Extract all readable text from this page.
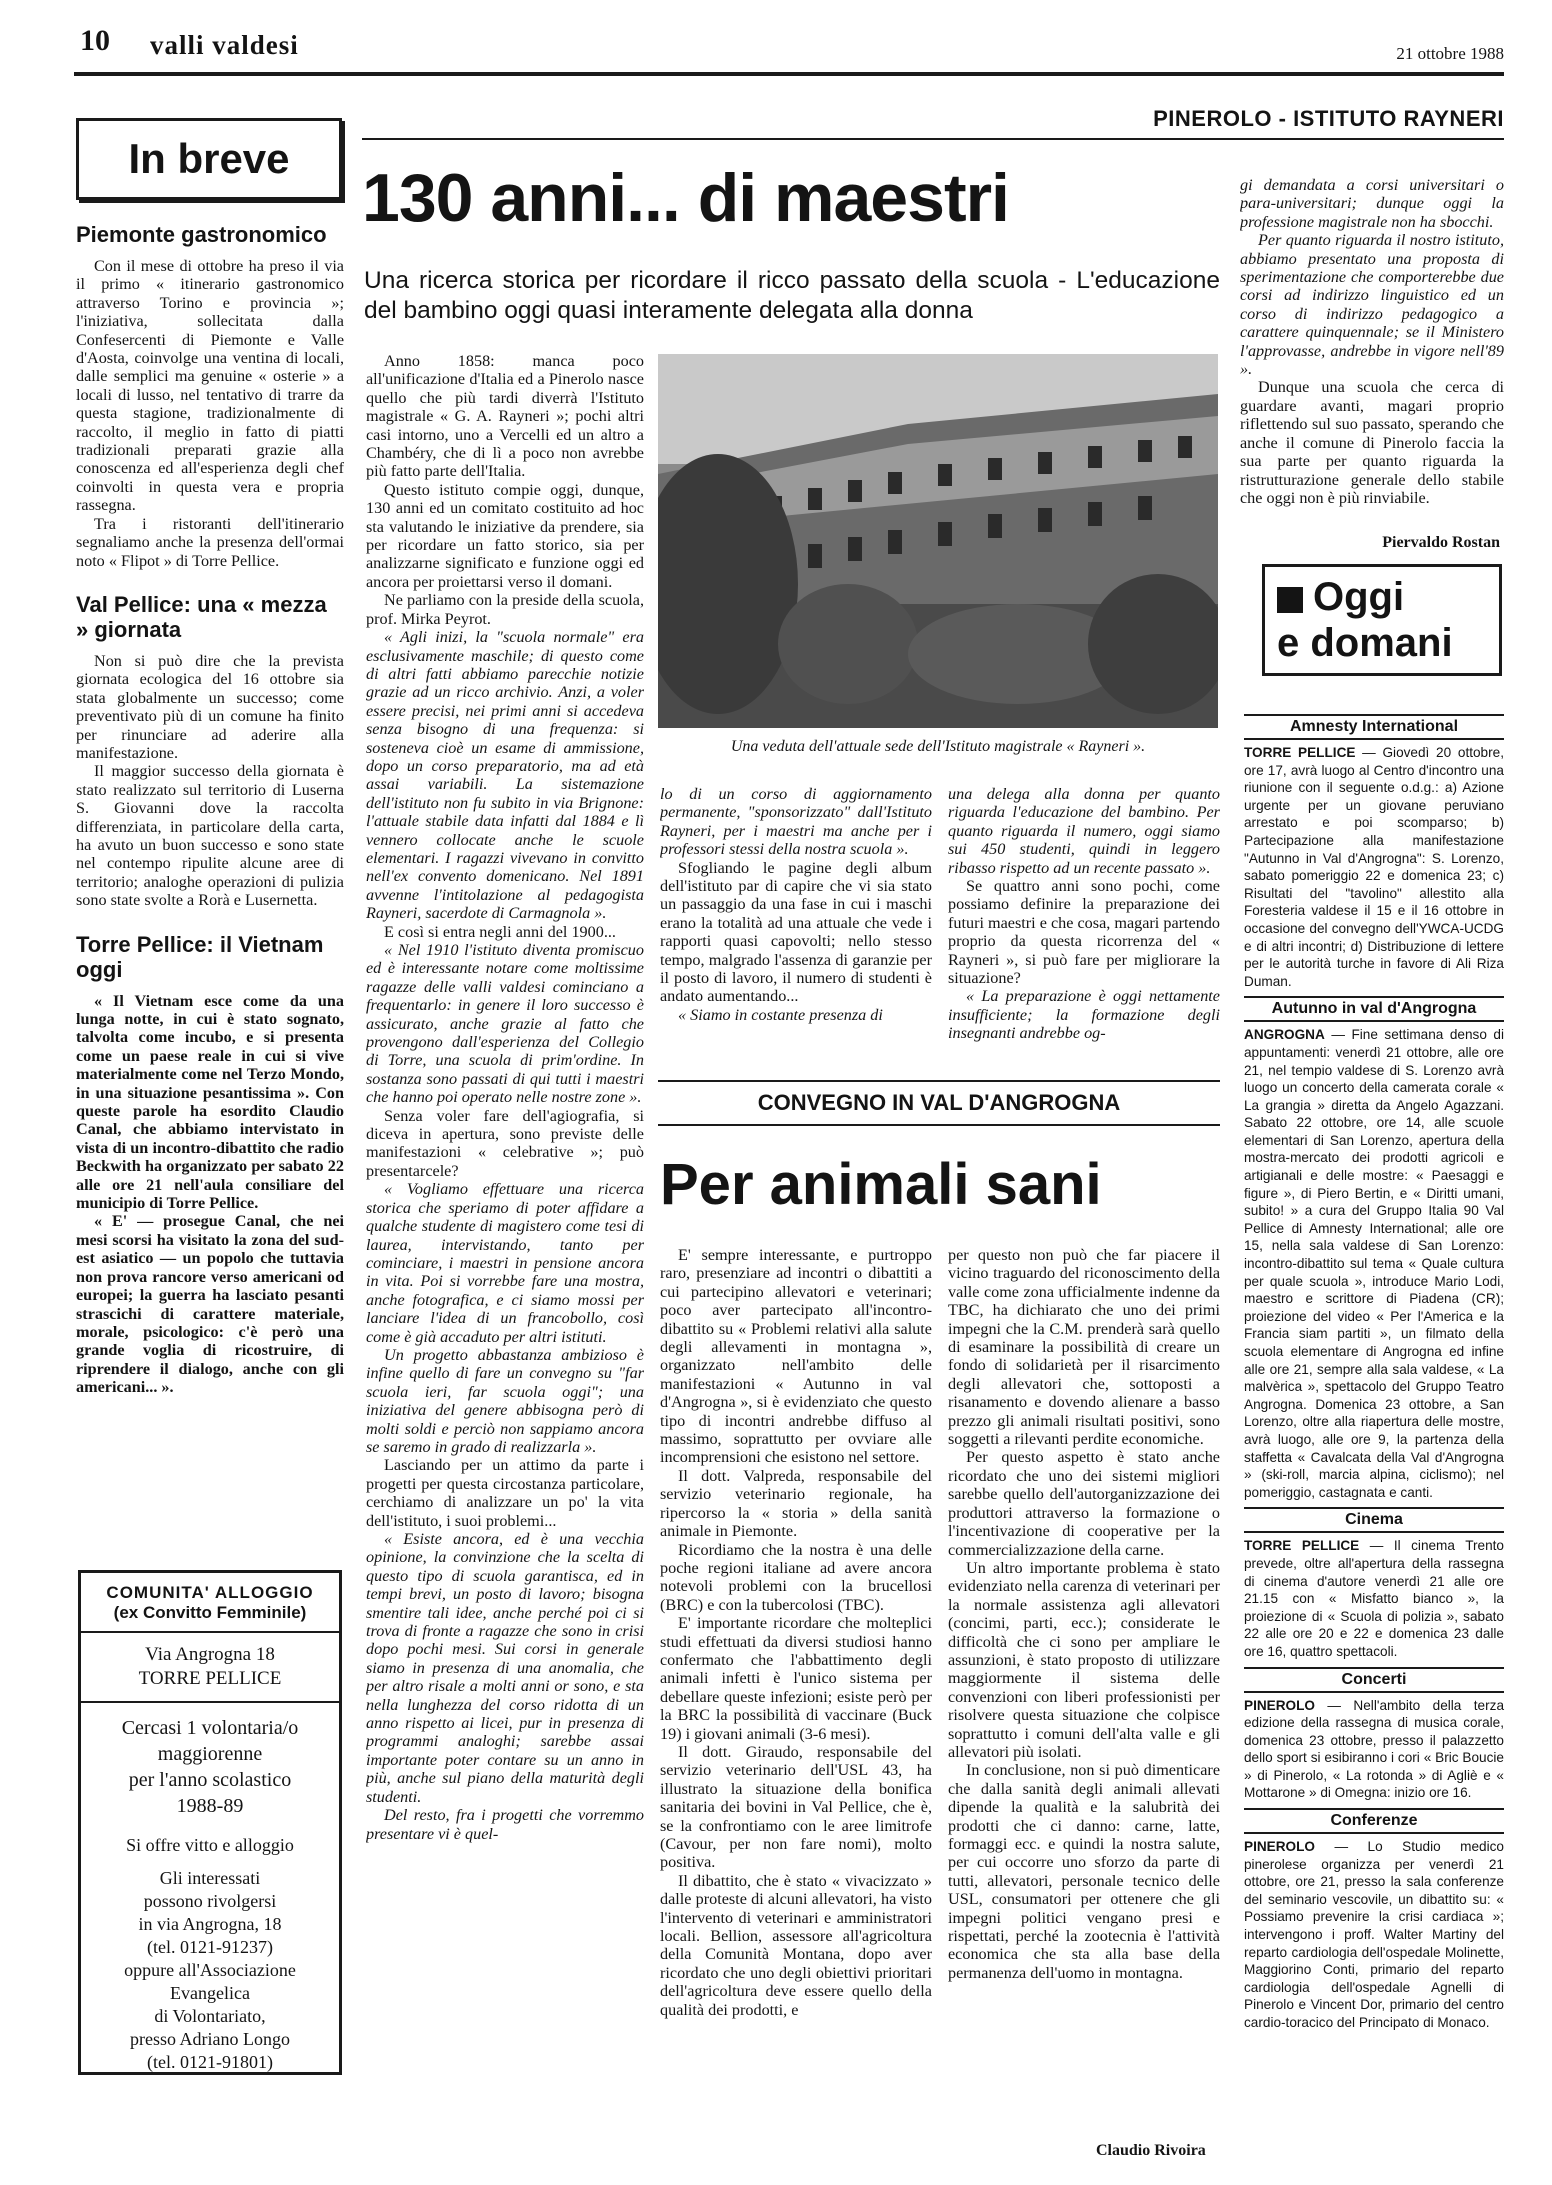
10 valli valdesi	21 ottobre 1988
PINEROLO - ISTITUTO RAYNERI
In breve
Piemonte gastronomico

Con il mese di ottobre ha preso il via il primo « itinerario gastronomico attraverso Torino e provincia »; l'iniziativa, sollecitata dalla Confesercenti di Piemonte e Valle d'Aosta, coinvolge una ventina di locali, dalle semplici ma genuine « osterie » a locali di lusso, nel tentativo di trarre da questa stagione, tradizionalmente di raccolto, il meglio in fatto di piatti tradizionali preparati grazie alla conoscenza ed all'esperienza degli chef coinvolti in questa vera e propria rassegna.

Tra i ristoranti dell'itinerario segnaliamo anche la presenza dell'ormai noto « Flipot » di Torre Pellice.

Val Pellice: una « mezza » giornata

Non si può dire che la prevista giornata ecologica del 16 ottobre sia stata globalmente un successo; come preventivato più di un comune ha finito per rinunciare ad aderire alla manifestazione.

Il maggior successo della giornata è stato realizzato sul territorio di Luserna S. Giovanni dove la raccolta differenziata, in particolare della carta, ha avuto un buon successo e sono state nel contempo ripulite alcune aree di territorio; analoghe operazioni di pulizia sono state svolte a Rorà e Lusernetta.

Torre Pellice: il Vietnam oggi

« Il Vietnam esce come da una lunga notte, in cui è stato sognato, talvolta come incubo, e si presenta come un paese reale in cui si vive materialmente come nel Terzo Mondo, in una situazione pesantissima ». Con queste parole ha esordito Claudio Canal, che abbiamo intervistato in vista di un incontro-dibattito che radio Beckwith ha organizzato per sabato 22 alle ore 21 nell'aula consiliare del municipio di Torre Pellice.

« E' — prosegue Canal, che nei mesi scorsi ha visitato la zona del sud-est asiatico — un popolo che tuttavia non prova rancore verso americani od europei; la guerra ha lasciato pesanti strascichi di carattere materiale, morale, psicologico: c'è però una grande voglia di ricostruire, di riprendere il dialogo, anche con gli americani... ».

COMUNITA' ALLOGGIO
(ex Convitto Femminile)
Via Angrogna 18
TORRE PELLICE
Cercasi 1 volontaria/o maggiorenne
per l'anno scolastico
1988-89
Si offre vitto e alloggio
Gli interessati
possono rivolgersi
in via Angrogna, 18
(tel. 0121-91237)
oppure all'Associazione
Evangelica
di Volontariato,
presso Adriano Longo
(tel. 0121-91801)
130 anni... di maestri
Una ricerca storica per ricordare il ricco passato della scuola - L'educazione del bambino oggi quasi interamente delegata alla donna

Anno 1858: manca poco all'unificazione d'Italia ed a Pinerolo nasce quello che più tardi diverrà l'Istituto magistrale « G. A. Rayneri »; pochi altri casi intorno, uno a Vercelli ed un altro a Chambéry, che di lì a poco non avrebbe più fatto parte dell'Italia.

Questo istituto compie oggi, dunque, 130 anni ed un comitato costituito ad hoc sta valutando le iniziative da prendere, sia per ricordare un fatto storico, sia per analizzarne significato e funzione oggi ed ancora per proiettarsi verso il domani.

Ne parliamo con la preside della scuola, prof. Mirka Peyrot.

« Agli inizi, la "scuola normale" era esclusivamente maschile; di questo come di altri fatti abbiamo parecchie notizie grazie ad un ricco archivio. Anzi, a voler essere precisi, nei primi anni si accedeva senza bisogno di una frequenza: si sosteneva cioè un esame di ammissione, dopo un corso preparatorio, ma ad età assai variabili. La sistemazione dell'istituto non fu subito in via Brignone: l'attuale stabile data infatti dal 1884 e lì vennero collocate anche le scuole elementari. I ragazzi vivevano in convitto nell'ex convento domenicano. Nel 1891 avvenne l'intitolazione al pedagogista Rayneri, sacerdote di Carmagnola ».

E così si entra negli anni del 1900...

« Nel 1910 l'istituto diventa promiscuo ed è interessante notare come moltissime ragazze delle valli valdesi cominciano a frequentarlo: in genere il loro successo è assicurato, anche grazie al fatto che provengono dall'esperienza del Collegio di Torre, una scuola di prim'ordine. In sostanza sono passati di qui tutti i maestri che hanno poi operato nelle nostre zone ».

Senza voler fare dell'agiografia, si diceva in apertura, sono previste delle manifestazioni « celebrative »; può presentarcele?

« Vogliamo effettuare una ricerca storica che speriamo di poter affidare a qualche studente di magistero come tesi di laurea, intervistando, tanto per cominciare, i maestri in pensione ancora in vita. Poi si vorrebbe fare una mostra, anche fotografica, e ci siamo mossi per lanciare l'idea di un francobollo, così come è già accaduto per altri istituti.

Un progetto abbastanza ambizioso è infine quello di fare un convegno su "far scuola ieri, far scuola oggi"; una iniziativa del genere abbisogna però di molti soldi e perciò non sappiamo ancora se saremo in grado di realizzarla ».

Lasciando per un attimo da parte i progetti per questa circostanza particolare, cerchiamo di analizzare un po' la vita dell'istituto, i suoi problemi...

« Esiste ancora, ed è una vecchia opinione, la convinzione che la scelta di questo tipo di scuola garantisca, ed in tempi brevi, un posto di lavoro; bisogna smentire tali idee, anche perché poi ci si trova di fronte a ragazze che sono in crisi dopo pochi mesi. Sui corsi in generale siamo in presenza di una anomalia, che per altro risale a molti anni or sono, e sta nella lunghezza del corso ridotta di un anno rispetto ai licei, pur in presenza di programmi analoghi; sarebbe assai importante poter contare su un anno in più, anche sul piano della maturità degli studenti.

Del resto, fra i progetti che vorremmo presentare vi è quel-

Una veduta dell'attuale sede dell'Istituto magistrale « Rayneri ».

lo di un corso di aggiornamento permanente, "sponsorizzato" dall'Istituto Rayneri, per i maestri ma anche per i professori stessi della nostra scuola ».

Sfogliando le pagine degli album dell'istituto par di capire che vi sia stato un passaggio da una fase in cui i maschi erano la totalità ad una attuale che vede i rapporti quasi capovolti; nello stesso tempo, malgrado l'assenza di garanzie per il posto di lavoro, il numero di studenti è andato aumentando...

« Siamo in costante presenza di

una delega alla donna per quanto riguarda l'educazione del bambino. Per quanto riguarda il numero, oggi siamo sui 450 studenti, quindi in leggero ribasso rispetto ad un recente passato ».

Se quattro anni sono pochi, come possiamo definire la preparazione dei futuri maestri e che cosa, magari partendo proprio da questa ricorrenza del « Rayneri », si può fare per migliorare la situazione?

« La preparazione è oggi nettamente insufficiente; la formazione degli insegnanti andrebbe og-

gi demandata a corsi universitari o para-universitari; dunque oggi la professione magistrale non ha sbocchi.

Per quanto riguarda il nostro istituto, abbiamo presentato una proposta di sperimentazione che comporterebbe due corsi ad indirizzo linguistico ed un corso di indirizzo pedagogico a carattere quinquennale; se il Ministero l'approvasse, andrebbe in vigore nell'89 ».

Dunque una scuola che cerca di guardare avanti, magari proprio riflettendo sul suo passato, sperando che anche il comune di Pinerolo faccia la sua parte per quanto riguarda la ristrutturazione generale dello stabile che oggi non è più rinviabile.

Piervaldo Rostan
CONVEGNO IN VAL D'ANGROGNA
Per animali sani

E' sempre interessante, e purtroppo raro, presenziare ad incontri o dibattiti a cui partecipino allevatori e veterinari; poco aver partecipato all'incontro-dibattito su « Problemi relativi alla salute degli allevamenti in montagna », organizzato nell'ambito delle manifestazioni « Autunno in val d'Angrogna », si è evidenziato che questo tipo di incontri andrebbe diffuso al massimo, soprattutto per ovviare alle incomprensioni che esistono nel settore.

Il dott. Valpreda, responsabile del servizio veterinario regionale, ha ripercorso la « storia » della sanità animale in Piemonte.

Ricordiamo che la nostra è una delle poche regioni italiane ad avere ancora notevoli problemi con la brucellosi (BRC) e con la tubercolosi (TBC).

E' importante ricordare che molteplici studi effettuati da diversi studiosi hanno confermato che l'abbattimento degli animali infetti è l'unico sistema per debellare queste infezioni; esiste però per la BRC la possibilità di vaccinare (Buck 19) i giovani animali (3-6 mesi).

Il dott. Giraudo, responsabile del servizio veterinario dell'USL 43, ha illustrato la situazione della bonifica sanitaria dei bovini in Val Pellice, che è, se la confrontiamo con le aree limitrofe (Cavour, per non fare nomi), molto positiva.

Il dibattito, che è stato « vivacizzato » dalle proteste di alcuni allevatori, ha visto l'intervento di veterinari e amministratori locali. Bellion, assessore all'agricoltura della Comunità Montana, dopo aver ricordato che uno degli obiettivi prioritari dell'agricoltura deve essere quello della qualità dei prodotti, e

per questo non può che far piacere il vicino traguardo del riconoscimento della valle come zona ufficialmente indenne da TBC, ha dichiarato che uno dei primi impegni che la C.M. prenderà sarà quello di esaminare la possibilità di creare un fondo di solidarietà per il risarcimento degli allevatori che, sottoposti a risanamento e dovendo alienare a basso prezzo gli animali risultati positivi, sono soggetti a rilevanti perdite economiche.

Per questo aspetto è stato anche ricordato che uno dei sistemi migliori sarebbe quello dell'autorganizzazione dei produttori attraverso la formazione o l'incentivazione di cooperative per la commercializzazione della carne.

Un altro importante problema è stato evidenziato nella carenza di veterinari per la normale assistenza agli allevatori (concimi, parti, ecc.); considerate le difficoltà che ci sono per ampliare le assunzioni, è stato proposto di utilizzare maggiormente il sistema delle convenzioni con liberi professionisti per risolvere questa situazione che colpisce soprattutto i comuni dell'alta valle e gli allevatori più isolati.

In conclusione, non si può dimenticare che dalla sanità degli animali allevati dipende la qualità e la salubrità dei prodotti che ci danno: carne, latte, formaggi ecc. e quindi la nostra salute, per cui occorre uno sforzo da parte di tutti, allevatori, personale tecnico delle USL, consumatori per ottenere che gli impegni politici vengano presi e rispettati, perché la zootecnia è l'attività economica che sta alla base della permanenza dell'uomo in montagna.

Claudio Rivoira
Oggi
e domani
Amnesty International

TORRE PELLICE — Giovedì 20 ottobre, ore 17, avrà luogo al Centro d'incontro una riunione con il seguente o.d.g.: a) Azione urgente per un giovane peruviano arrestato e poi scomparso; b) Partecipazione alla manifestazione "Autunno in Val d'Angrogna": S. Lorenzo, sabato pomeriggio 22 e domenica 23; c) Risultati del "tavolino" allestito alla Foresteria valdese il 15 e il 16 ottobre in occasione del convegno dell'YWCA-UCDG e di altri incontri; d) Distribuzione di lettere per le autorità turche in favore di Ali Riza Duman.

Autunno in val d'Angrogna

ANGROGNA — Fine settimana denso di appuntamenti: venerdì 21 ottobre, alle ore 21, nel tempio valdese di S. Lorenzo avrà luogo un concerto della camerata corale « La grangia » diretta da Angelo Agazzani. Sabato 22 ottobre, ore 14, alle scuole elementari di San Lorenzo, apertura della mostra-mercato dei prodotti agricoli e artigianali e delle mostre: « Paesaggi e figure », di Piero Bertin, e « Diritti umani, subito! » a cura del Gruppo Italia 90 Val Pellice di Amnesty International; alle ore 15, nella sala valdese di San Lorenzo: incontro-dibattito sul tema « Quale cultura per quale scuola », introduce Mario Lodi, maestro e scrittore di Piadena (CR); proiezione del video « Per l'America e la Francia siam partiti », un filmato della scuola elementare di Angrogna ed infine alle ore 21, sempre alla sala valdese, « La malvèrica », spettacolo del Gruppo Teatro Angrogna. Domenica 23 ottobre, a San Lorenzo, oltre alla riapertura delle mostre, avrà luogo, alle ore 9, la partenza della staffetta « Cavalcata della Val d'Angrogna » (ski-roll, marcia alpina, ciclismo); nel pomeriggio, castagnata e canti.

Cinema

TORRE PELLICE — Il cinema Trento prevede, oltre all'apertura della rassegna di cinema d'autore venerdì 21 alle ore 21.15 con « Misfatto bianco », la proiezione di « Scuola di polizia », sabato 22 alle ore 20 e 22 e domenica 23 dalle ore 16, quattro spettacoli.

Concerti

PINEROLO — Nell'ambito della terza edizione della rassegna di musica corale, domenica 23 ottobre, presso il palazzetto dello sport si esibiranno i cori « Bric Boucie » di Pinerolo, « La rotonda » di Agliè e « Mottarone » di Omegna: inizio ore 16.

Conferenze

PINEROLO — Lo Studio medico pinerolese organizza per venerdì 21 ottobre, ore 21, presso la sala conferenze del seminario vescovile, un dibattito su: « Possiamo prevenire la crisi cardiaca »; intervengono i proff. Walter Martiny del reparto cardiologia dell'ospedale Molinette, Maggiorino Conti, primario del reparto cardiologia dell'ospedale Agnelli di Pinerolo e Vincent Dor, primario del centro cardio-toracico del Principato di Monaco.
